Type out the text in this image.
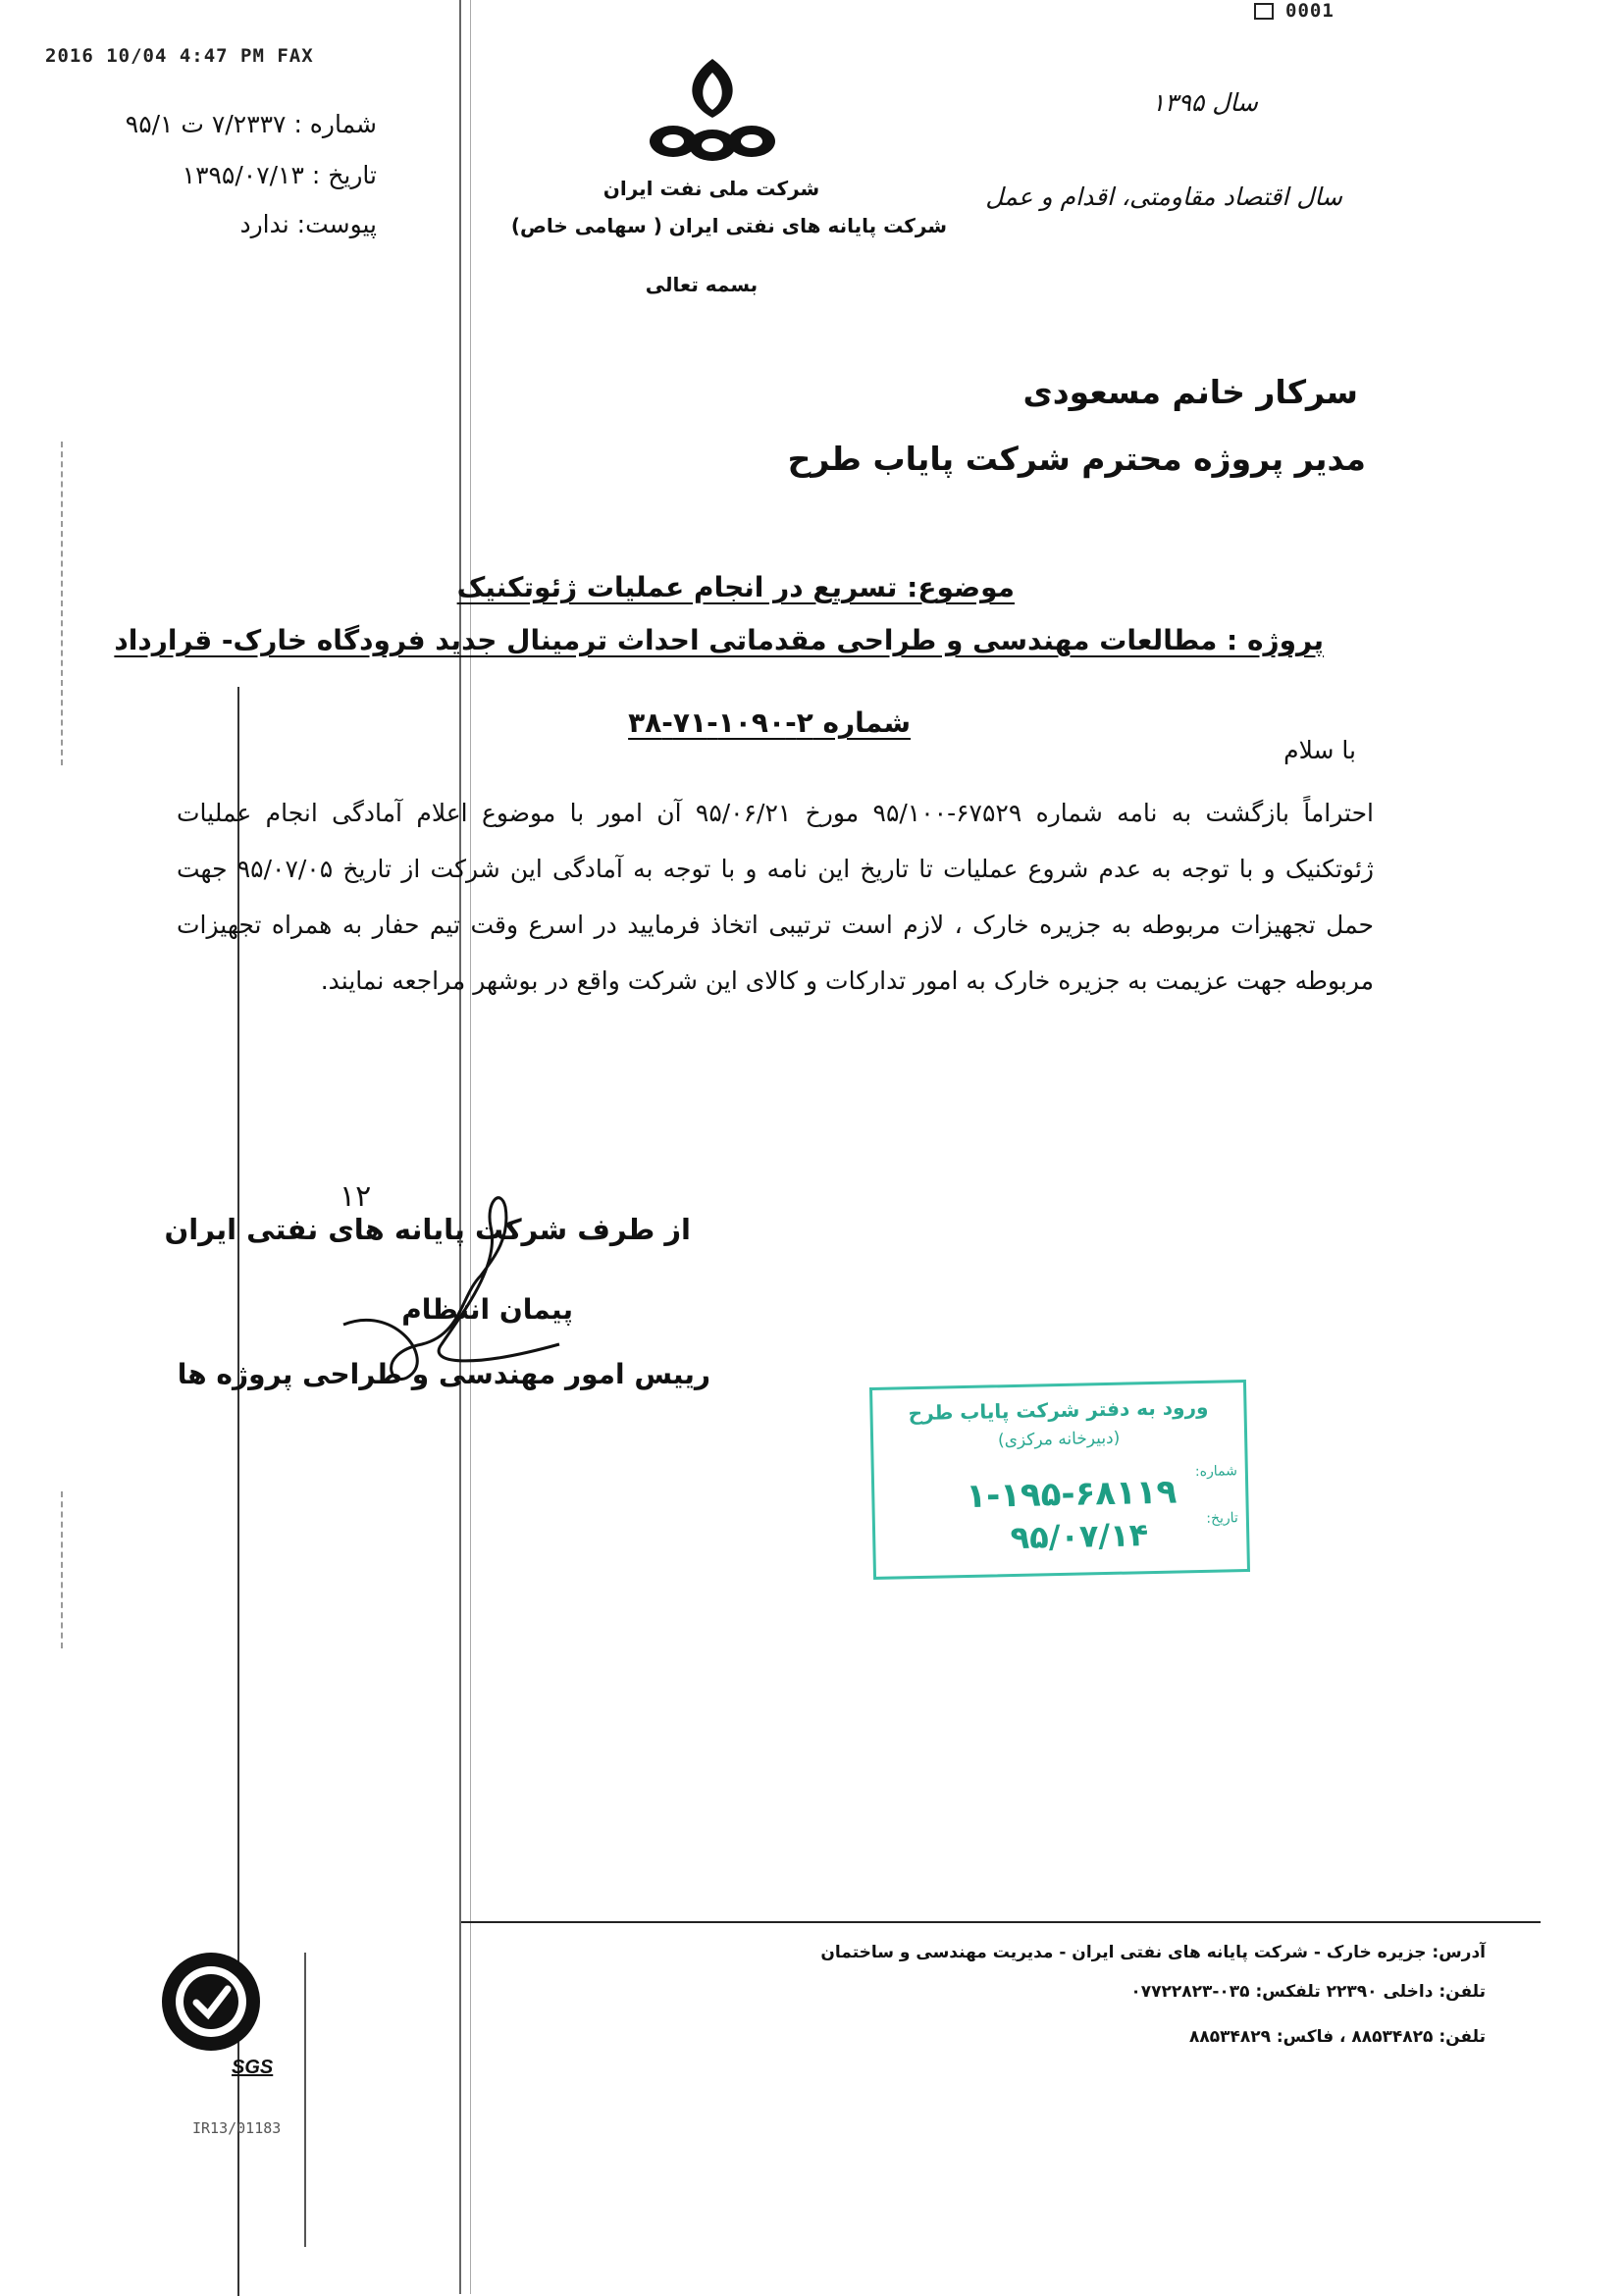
2016 10/04 4:47 PM FAX
0001
شماره : ۷/۲۳۳۷ ت ۹۵/۱
تاریخ : ۱۳۹۵/۰۷/۱۳
پیوست: ندارد
سال ۱۳۹۵
سال اقتصاد مقاومتی، اقدام و عمل
شرکت ملی نفت ایران
شرکت پایانه های نفتی ایران ( سهامی خاص)
بسمه تعالی
سرکار خانم مسعودی
مدیر پروژه محترم شرکت پایاب طرح
موضوع: تسریع در انجام عملیات ژئوتکنیک
پروژه : مطالعات مهندسی و طراحی مقدماتی احداث ترمینال جدید فرودگاه خارک- قرارداد
شماره ۲-۱۰۹۰-۷۱-۳۸
با سلام
احتراماً بازگشت به نامه شماره ۶۷۵۲۹-۹۵/۱۰۰ مورخ ۹۵/۰۶/۲۱ آن امور با موضوع اعلام آمادگی انجام عملیات ژئوتکنیک و با توجه به عدم شروع عملیات تا تاریخ این نامه و با توجه به آمادگی این شرکت از تاریخ ۹۵/۰۷/۰۵ جهت حمل تجهیزات مربوطه به جزیره خارک ، لازم است ترتیبی اتخاذ فرمایید در اسرع وقت تیم حفار به همراه تجهیزات مربوطه جهت عزیمت به جزیره خارک به امور تدارکات و کالای این شرکت واقع در بوشهر مراجعه نمایند.
۱۲
از طرف شرکت پایانه های نفتی ایران
پیمان انتظام
رییس امور مهندسی و طراحی پروژه ها
ورود به دفتر شرکت پایاب طرح
(دبیرخانه مرکزی)
شماره:
تاریخ:
۱-۱۹۵-۶۸۱۱۹
۹۵/۰۷/۱۴
آدرس: جزیره خارک - شرکت پایانه های نفتی ایران - مدیریت مهندسی و ساختمان
تلفن: داخلی ۲۲۳۹۰ تلفکس: ۰۳۵-۰۷۷۲۲۸۲۳
تلفن: ۸۸۵۳۴۸۲۵ ، فاکس: ۸۸۵۳۴۸۲۹
SGS
IR13/01183
